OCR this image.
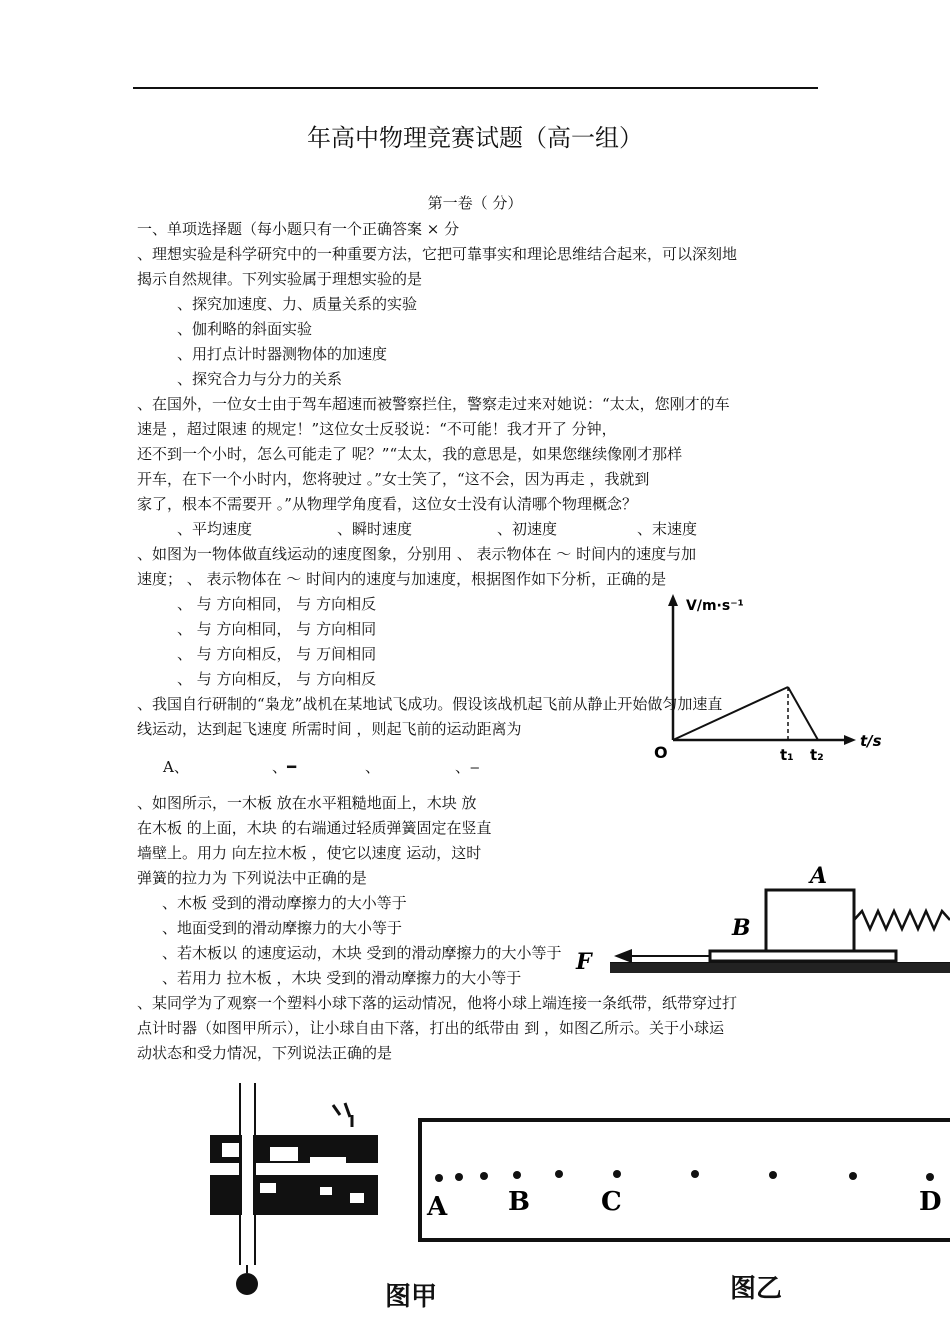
年高中物理竞赛试题（高一组）
第一卷（ 分）
一、单项选择题（每小题只有一个正确答案 × 分
、理想实验是科学研究中的一种重要方法，它把可靠事实和理论思维结合起来，可以深刻地
揭示自然规律。下列实验属于理想实验的是
、探究加速度、力、质量关系的实验
、伽利略的斜面实验
、用打点计时器测物体的加速度
、探究合力与分力的关系
、在国外，一位女士由于驾车超速而被警察拦住，警察走过来对她说：“太太，您刚才的车
速是 ，超过限速 的规定！”这位女士反驳说：“不可能！我才开了 分钟，
还不到一个小时，怎么可能走了 呢？”“太太，我的意思是，如果您继续像刚才那样
开车，在下一个小时内，您将驶过 。”女士笑了，“这不会，因为再走 ，我就到
家了，根本不需要开 。”从物理学角度看，这位女士没有认清哪个物理概念？
、平均速度	、瞬时速度	、初速度	、末速度
、如图为一物体做直线运动的速度图象，分别用 、 表示物体在 ～ 时间内的速度与加
速度； 、 表示物体在 ～ 时间内的速度与加速度，根据图作如下分析，正确的是
、 与 方向相同， 与 方向相反
、 与 方向相同， 与 方向相同
、 与 方向相反， 与 万间相同
、 与 方向相反， 与 方向相反
V/m·s⁻¹
t/s
O	t₁ t₂
、我国自行研制的“枭龙”战机在某地试飞成功。假设该战机起飞前从静止开始做匀加速直
线运动，达到起飞速度 所需时间 ，则起飞前的运动距离为
A、	、━	、	、‒
、如图所示，一木板 放在水平粗糙地面上，木块 放
在木板 的上面，木块 的右端通过轻质弹簧固定在竖直
墙壁上。用力 向左拉木板 ，使它以速度 运动，这时
弹簧的拉力为 下列说法中正确的是
、木板 受到的滑动摩擦力的大小等于
、地面受到的滑动摩擦力的大小等于
、若木板以 的速度运动，木块 受到的滑动摩擦力的大小等于
、若用力 拉木板 ，木块 受到的滑动摩擦力的大小等于
A
B
F
、某同学为了观察一个塑料小球下落的运动情况，他将小球上端连接一条纸带，纸带穿过打
点计时器（如图甲所示），让小球自由下落，打出的纸带由 到 ，如图乙所示。关于小球运
动状态和受力情况，下列说法正确的是
A B	C	D
图甲	图乙
